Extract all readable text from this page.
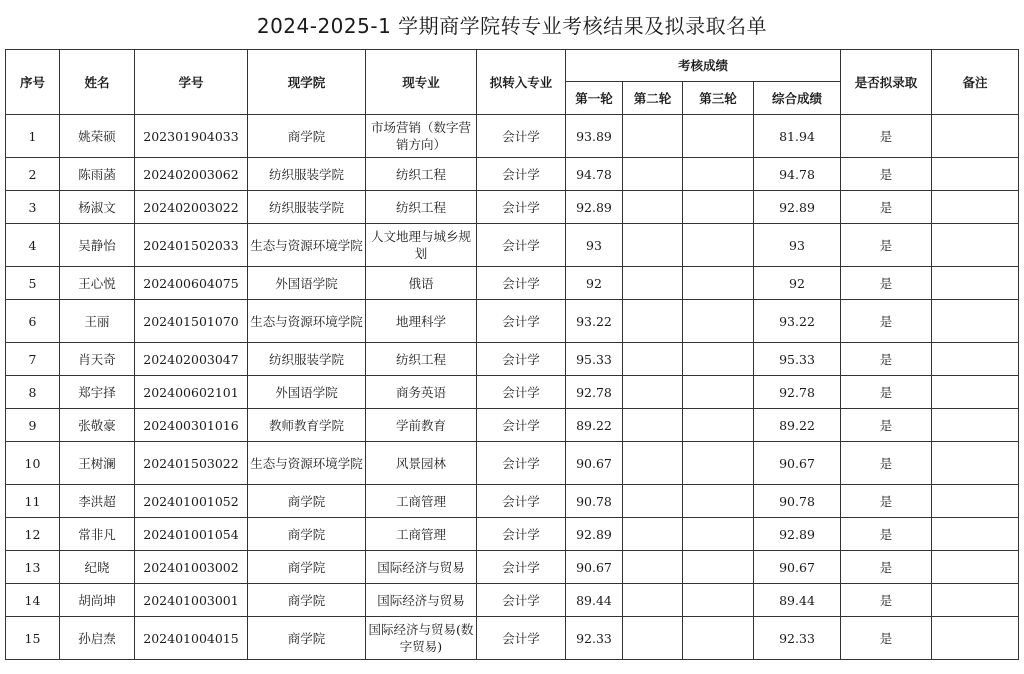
2024-2025-1 学期商学院转专业考核结果及拟录取名单
序号	姓名	学号	现学院	现专业	拟转入专业	考核成绩				是否拟录取	备注
						第一轮	第二轮	第三轮	综合成绩		
1	姚荣硕	202301904033	商学院	市场营销（数字营销方向）	会计学	93.89			81.94	是	
2	陈雨菡	202402003062	纺织服装学院	纺织工程	会计学	94.78			94.78	是	
3	杨淑文	202402003022	纺织服装学院	纺织工程	会计学	92.89			92.89	是	
4	吴静怡	202401502033	生态与资源环境学院	人文地理与城乡规划	会计学	93			93	是	
5	王心悦	202400604075	外国语学院	俄语	会计学	92			92	是	
6	王丽	202401501070	生态与资源环境学院	地理科学	会计学	93.22			93.22	是	
7	肖天奇	202402003047	纺织服装学院	纺织工程	会计学	95.33			95.33	是	
8	郑宇择	202400602101	外国语学院	商务英语	会计学	92.78			92.78	是	
9	张敬豪	202400301016	教师教育学院	学前教育	会计学	89.22			89.22	是	
10	王树澜	202401503022	生态与资源环境学院	风景园林	会计学	90.67			90.67	是	
11	李洪超	202401001052	商学院	工商管理	会计学	90.78			90.78	是	
12	常非凡	202401001054	商学院	工商管理	会计学	92.89			92.89	是	
13	纪晓	202401003002	商学院	国际经济与贸易	会计学	90.67			90.67	是	
14	胡尚坤	202401003001	商学院	国际经济与贸易	会计学	89.44			89.44	是	
15	孙启焘	202401004015	商学院	国际经济与贸易(数字贸易)	会计学	92.33			92.33	是	
